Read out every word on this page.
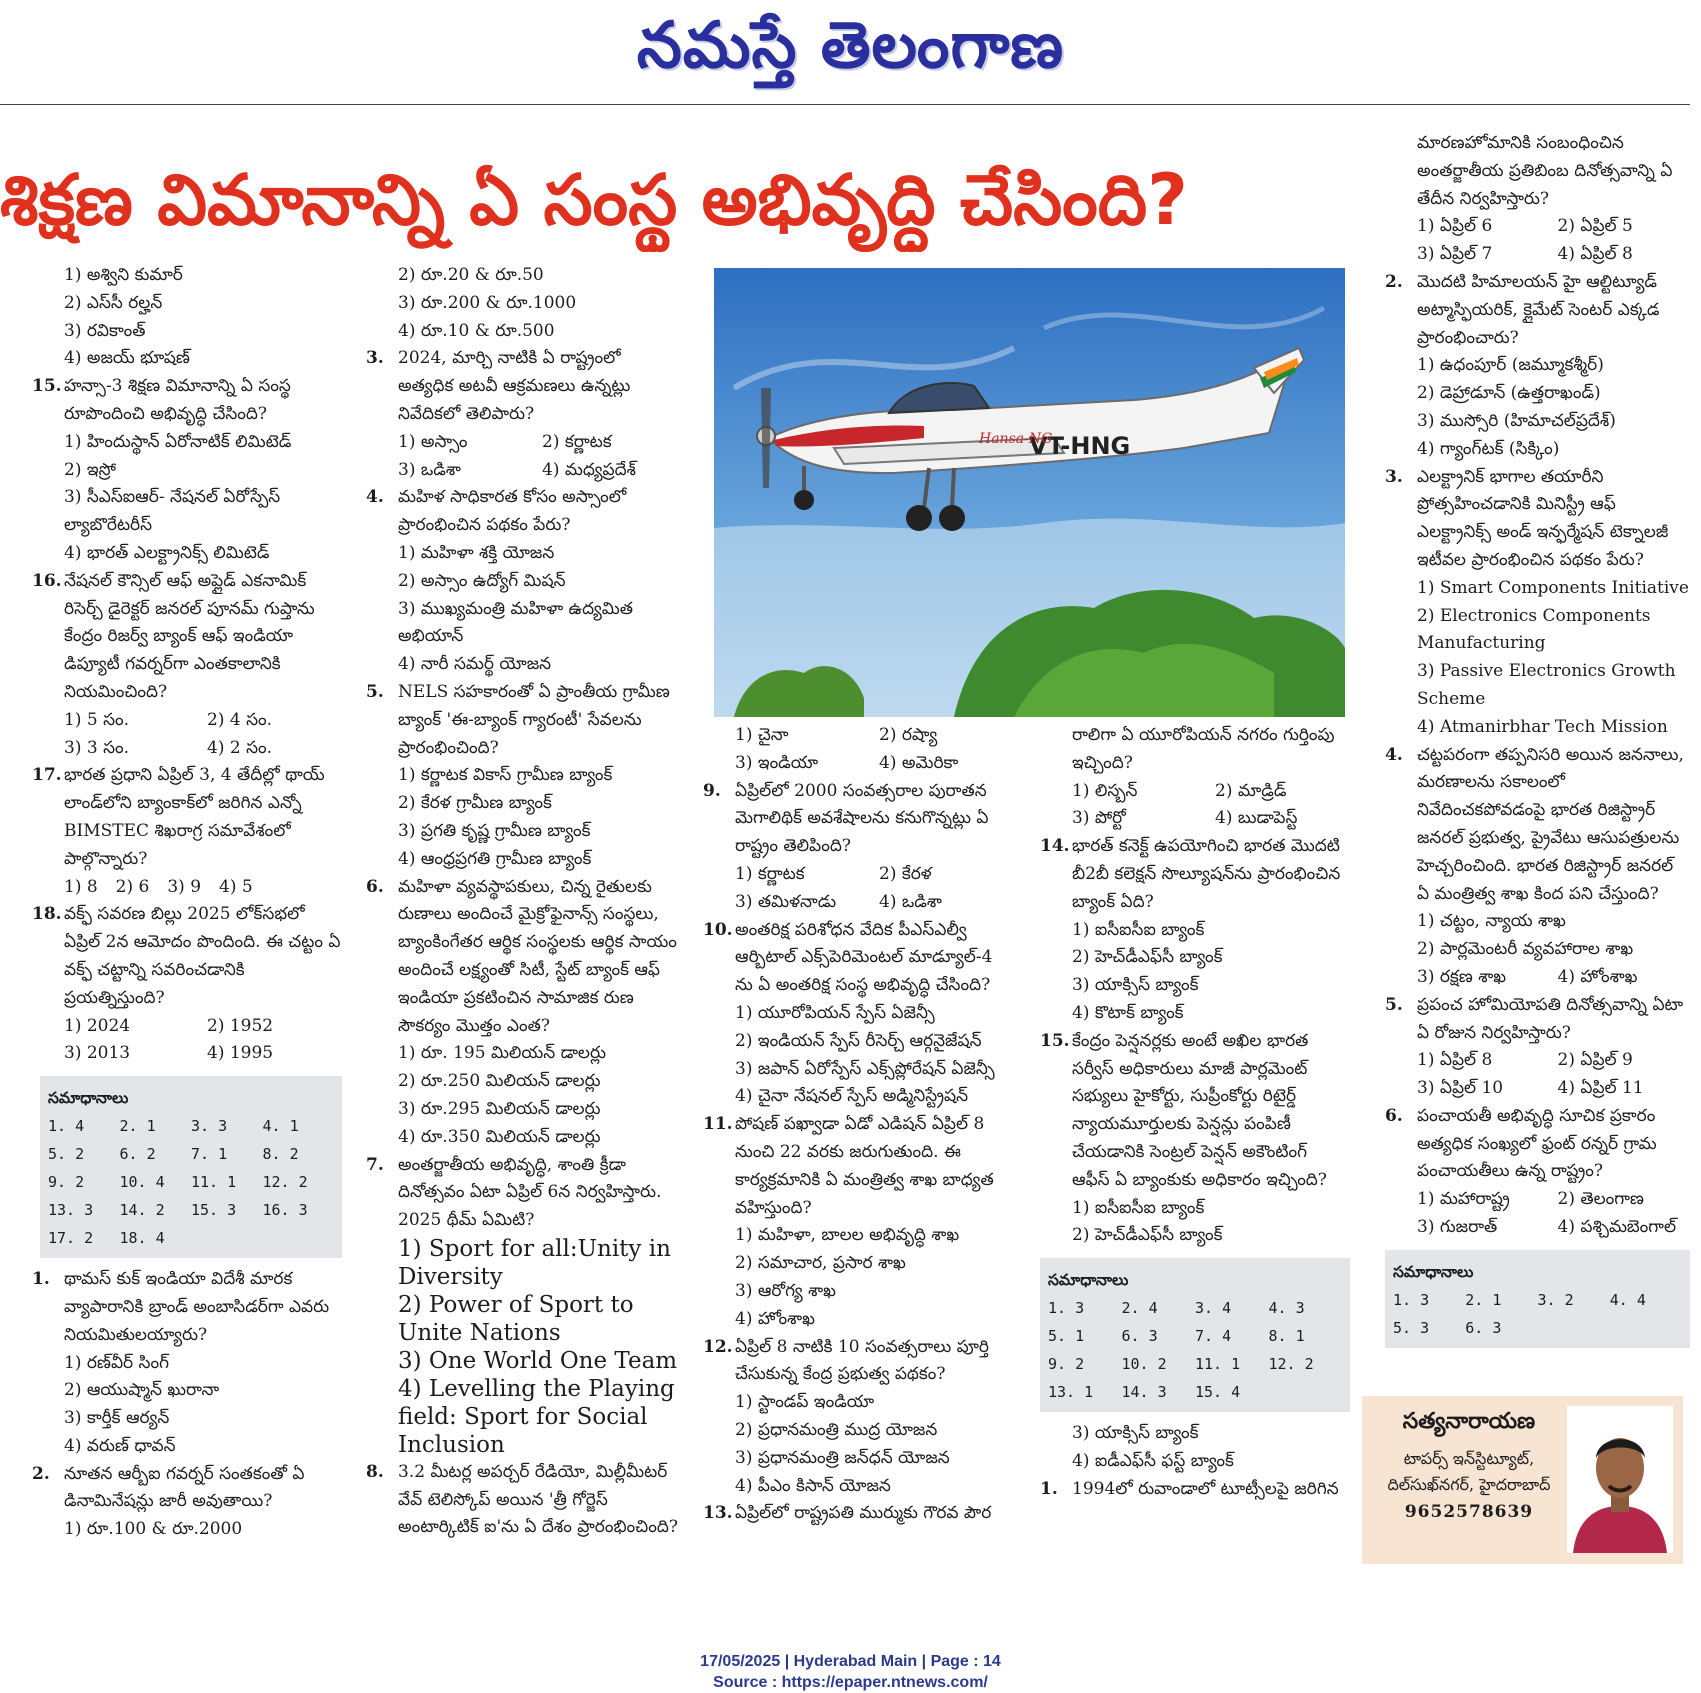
నమస్తే తెలంగాణ
శిక్షణ విమానాన్ని ఏ సంస్థ అభివృద్ధి చేసింది?

1) అశ్విని కుమార్

2) ఎస్‌సీ రల్హన్

3) రవికాంత్

4) అజయ్ భూషణ్

15. హన్సా-3 శిక్షణ విమానాన్ని ఏ సంస్థ రూపొందించి అభివృద్ధి చేసింది?

1) హిందుస్థాన్ ఏరోనాటిక్ లిమిటెడ్

2) ఇస్రో

3) సీఎస్ఐఆర్- నేషనల్ ఏరోస్పేస్ ల్యాబొరేటరీస్

4) భారత్ ఎలక్ట్రానిక్స్ లిమిటెడ్

16. నేషనల్ కౌన్సిల్ ఆఫ్ అప్లైడ్ ఎకనామిక్ రిసెర్చ్ డైరెక్టర్ జనరల్ పూనమ్ గుప్తాను కేంద్రం రిజర్వ్ బ్యాంక్ ఆఫ్ ఇండియా డిప్యూటీ గవర్నర్‌గా ఎంతకాలానికి నియమించింది?

1) 5 సం.	2) 4 సం.

3) 3 సం.	4) 2 సం.

17. భారత ప్రధాని ఏప్రిల్ 3, 4 తేదీల్లో థాయ్ లాండ్‌లోని బ్యాంకాక్‌లో జరిగిన ఎన్నో BIMSTEC శిఖరాగ్ర సమావేశంలో పాల్గొన్నారు?

1) 8 2) 6 3) 9 4) 5

18. వక్ఫ్ సవరణ బిల్లు 2025 లోక్‌సభలో ఏప్రిల్ 2న ఆమోదం పొందింది. ఈ చట్టం ఏ వక్ఫ్ చట్టాన్ని సవరించడానికి ప్రయత్నిస్తుంది?

1) 2024	2) 1952

3) 2013	4) 1995

సమాధానాలు
1. 4	2. 1	3. 3	4. 1
5. 2	6. 2	7. 1	8. 2
9. 2	10. 4	11. 1	12. 2
13. 3	14. 2	15. 3	16. 3
17. 2	18. 4
1. థామస్ కుక్ ఇండియా విదేశీ మారక వ్యాపారానికి బ్రాండ్ అంబాసిడర్‌గా ఎవరు నియమితులయ్యారు?

1) రణ్‌వీర్ సింగ్

2) ఆయుష్మాన్ ఖురానా

3) కార్తీక్ ఆర్యన్

4) వరుణ్ ధావన్

2. నూతన ఆర్బీఐ గవర్నర్ సంతకంతో ఏ డినామినేషన్లు జారీ అవుతాయి?

1) రూ.100 & రూ.2000

2) రూ.20 & రూ.50

3) రూ.200 & రూ.1000

4) రూ.10 & రూ.500

3. 2024, మార్చి నాటికి ఏ రాష్ట్రంలో అత్యధిక అటవీ ఆక్రమణలు ఉన్నట్లు నివేదికలో తెలిపారు?

1) అస్సాం	2) కర్ణాటక

3) ఒడిశా	4) మధ్యప్రదేశ్

4. మహిళ సాధికారత కోసం అస్సాంలో ప్రారంభించిన పథకం పేరు?

1) మహిళా శక్తి యోజన

2) అస్సాం ఉద్యోగ్ మిషన్

3) ముఖ్యమంత్రి మహిళా ఉద్యమిత అభియాన్

4) నారీ సమర్థ్ యోజన

5. NELS సహకారంతో ఏ ప్రాంతీయ గ్రామీణ బ్యాంక్ 'ఈ-బ్యాంక్ గ్యారంటీ' సేవలను ప్రారంభించింది?

1) కర్ణాటక వికాస్ గ్రామీణ బ్యాంక్

2) కేరళ గ్రామీణ బ్యాంక్

3) ప్రగతి కృష్ణ గ్రామీణ బ్యాంక్

4) ఆంధ్రప్రగతి గ్రామీణ బ్యాంక్

6. మహిళా వ్యవస్థాపకులు, చిన్న రైతులకు రుణాలు అందించే మైక్రోఫైనాన్స్ సంస్థలు, బ్యాంకింగేతర ఆర్థిక సంస్థలకు ఆర్థిక సాయం అందించే లక్ష్యంతో సిటీ, స్టేట్ బ్యాంక్ ఆఫ్ ఇండియా ప్రకటించిన సామాజిక రుణ సౌకర్యం మొత్తం ఎంత?

1) రూ. 195 మిలియన్ డాలర్లు

2) రూ.250 మిలియన్ డాలర్లు

3) రూ.295 మిలియన్ డాలర్లు

4) రూ.350 మిలియన్ డాలర్లు

7. అంతర్జాతీయ అభివృద్ధి, శాంతి క్రీడా దినోత్సవం ఏటా ఏప్రిల్ 6న నిర్వహిస్తారు. 2025 థీమ్ ఏమిటి?

1) Sport for all:Unity in Diversity

2) Power of Sport to Unite Nations

3) One World One Team

4) Levelling the Playing field: Sport for Social Inclusion

8. 3.2 మీటర్ల అపర్చర్ రేడియో, మిల్లీమీటర్ వేవ్ టెలిస్కోప్ అయిన 'త్రీ గోర్జెస్ అంటార్కిటిక్ ఐ'ను ఏ దేశం ప్రారంభించింది?

VT-HNG
Hansa-NG

1) చైనా	2) రష్యా

3) ఇండియా	4) అమెరికా

9. ఏప్రిల్‌లో 2000 సంవత్సరాల పురాతన మెగాలిథిక్ అవశేషాలను కనుగొన్నట్లు ఏ రాష్ట్రం తెలిపింది?

1) కర్ణాటక	2) కేరళ

3) తమిళనాడు	4) ఒడిశా

10. అంతరిక్ష పరిశోధన వేదిక పీఎస్ఎల్వీ ఆర్బిటాల్ ఎక్స్‌పెరిమెంటల్ మాడ్యూల్-4 ను ఏ అంతరిక్ష సంస్థ అభివృద్ధి చేసింది?

1) యూరోపియన్ స్పేస్ ఏజెన్సీ

2) ఇండియన్ స్పేస్ రీసెర్చ్ ఆర్గనైజేషన్

3) జపాన్ ఏరోస్పేస్ ఎక్స్‌ప్లోరేషన్ ఏజెన్సీ

4) చైనా నేషనల్ స్పేస్ అడ్మినిస్ట్రేషన్

11. పోషణ్ పఖ్వాడా ఏడో ఎడిషన్ ఏప్రిల్ 8 నుంచి 22 వరకు జరుగుతుంది. ఈ కార్యక్రమానికి ఏ మంత్రిత్వ శాఖ బాధ్యత వహిస్తుంది?

1) మహిళా, బాలల అభివృద్ధి శాఖ

2) సమాచార, ప్రసార శాఖ

3) ఆరోగ్య శాఖ

4) హోంశాఖ

12. ఏప్రిల్ 8 నాటికి 10 సంవత్సరాలు పూర్తి చేసుకున్న కేంద్ర ప్రభుత్వ పథకం?

1) స్టాండప్ ఇండియా

2) ప్రధానమంత్రి ముద్ర యోజన

3) ప్రధానమంత్రి జన్‌ధన్ యోజన

4) పీఎం కిసాన్ యోజన

13. ఏప్రిల్‌లో రాష్ట్రపతి ముర్ముకు గౌరవ పౌర

రాలిగా ఏ యూరోపియన్ నగరం గుర్తింపు ఇచ్చింది?

1) లిస్బన్	2) మాడ్రిడ్

3) పోర్టో	4) బుడాపెస్ట్

14. భారత్ కనెక్ట్ ఉపయోగించి భారత మొదటి బీ2బీ కలెక్షన్ సొల్యూషన్‌ను ప్రారంభించిన బ్యాంక్ ఏది?

1) ఐసీఐసీఐ బ్యాంక్

2) హెచ్‌డీఎఫ్‌సీ బ్యాంక్

3) యాక్సిస్ బ్యాంక్

4) కొటాక్ బ్యాంక్

15. కేంద్రం పెన్షనర్లకు అంటే అఖిల భారత సర్వీస్ అధికారులు మాజీ పార్లమెంట్ సభ్యులు హైకోర్టు, సుప్రీంకోర్టు రిటైర్డ్ న్యాయమూర్తులకు పెన్షన్లు పంపిణీ చేయడానికి సెంట్రల్ పెన్షన్ అకౌంటింగ్ ఆఫీస్ ఏ బ్యాంకుకు అధికారం ఇచ్చింది?

1) ఐసీఐసీఐ బ్యాంక్

2) హెచ్‌డీఎఫ్‌సీ బ్యాంక్

సమాధానాలు
1. 3	2. 4	3. 4	4. 3
5. 1	6. 3	7. 4	8. 1
9. 2	10. 2	11. 1	12. 2
13. 1	14. 3	15. 4

3) యాక్సిస్ బ్యాంక్

4) ఐడీఎఫ్‌సీ ఫస్ట్ బ్యాంక్

1. 1994లో రువాండాలో టూట్సీలపై జరిగిన

మారణహోమానికి సంబంధించిన అంతర్జాతీయ ప్రతిబింబ దినోత్సవాన్ని ఏ తేదీన నిర్వహిస్తారు?

1) ఏప్రిల్ 6	2) ఏప్రిల్ 5

3) ఏప్రిల్ 7	4) ఏప్రిల్ 8

2. మొదటి హిమాలయన్ హై ఆల్టిట్యూడ్ అట్మాస్ఫియరిక్, క్లైమేట్ సెంటర్ ఎక్కడ ప్రారంభించారు?

1) ఉధంపూర్ (జమ్మూకశ్మీర్)

2) డెహ్రాడూన్ (ఉత్తరాఖండ్)

3) ముస్సోరి (హిమాచల్‌ప్రదేశ్)

4) గ్యాంగ్‌టక్ (సిక్కిం)

3. ఎలక్ట్రానిక్ భాగాల తయారీని ప్రోత్సహించడానికి మినిస్ట్రీ ఆఫ్ ఎలక్ట్రానిక్స్ అండ్ ఇన్ఫర్మేషన్ టెక్నాలజీ ఇటీవల ప్రారంభించిన పథకం పేరు?

1) Smart Components Initiative

2) Electronics Components Manufacturing

3) Passive Electronics Growth Scheme

4) Atmanirbhar Tech Mission

4. చట్టపరంగా తప్పనిసరి అయిన జననాలు, మరణాలను సకాలంలో నివేదించకపోవడంపై భారత రిజిస్ట్రార్ జనరల్ ప్రభుత్వ, ప్రైవేటు ఆసుపత్రులను హెచ్చరించింది. భారత రిజిస్ట్రార్ జనరల్ ఏ మంత్రిత్వ శాఖ కింద పని చేస్తుంది?

1) చట్టం, న్యాయ శాఖ

2) పార్లమెంటరీ వ్యవహారాల శాఖ

3) రక్షణ శాఖ	4) హోంశాఖ

5. ప్రపంచ హోమియోపతి దినోత్సవాన్ని ఏటా ఏ రోజున నిర్వహిస్తారు?

1) ఏప్రిల్ 8	2) ఏప్రిల్ 9

3) ఏప్రిల్ 10	4) ఏప్రిల్ 11

6. పంచాయతీ అభివృద్ధి సూచిక ప్రకారం అత్యధిక సంఖ్యలో ఫ్రంట్ రన్నర్ గ్రామ పంచాయతీలు ఉన్న రాష్ట్రం?

1) మహారాష్ట్ర	2) తెలంగాణ

3) గుజరాత్	4) పశ్చిమబెంగాల్

సమాధానాలు
1. 3	2. 1	3. 2	4. 4
5. 3	6. 3
సత్యనారాయణ
టాపర్స్ ఇన్‌స్టిట్యూట్,
దిల్‌సుఖ్‌నగర్, హైదరాబాద్
9652578639
17/05/2025 | Hyderabad Main | Page : 14
Source : https://epaper.ntnews.com/
